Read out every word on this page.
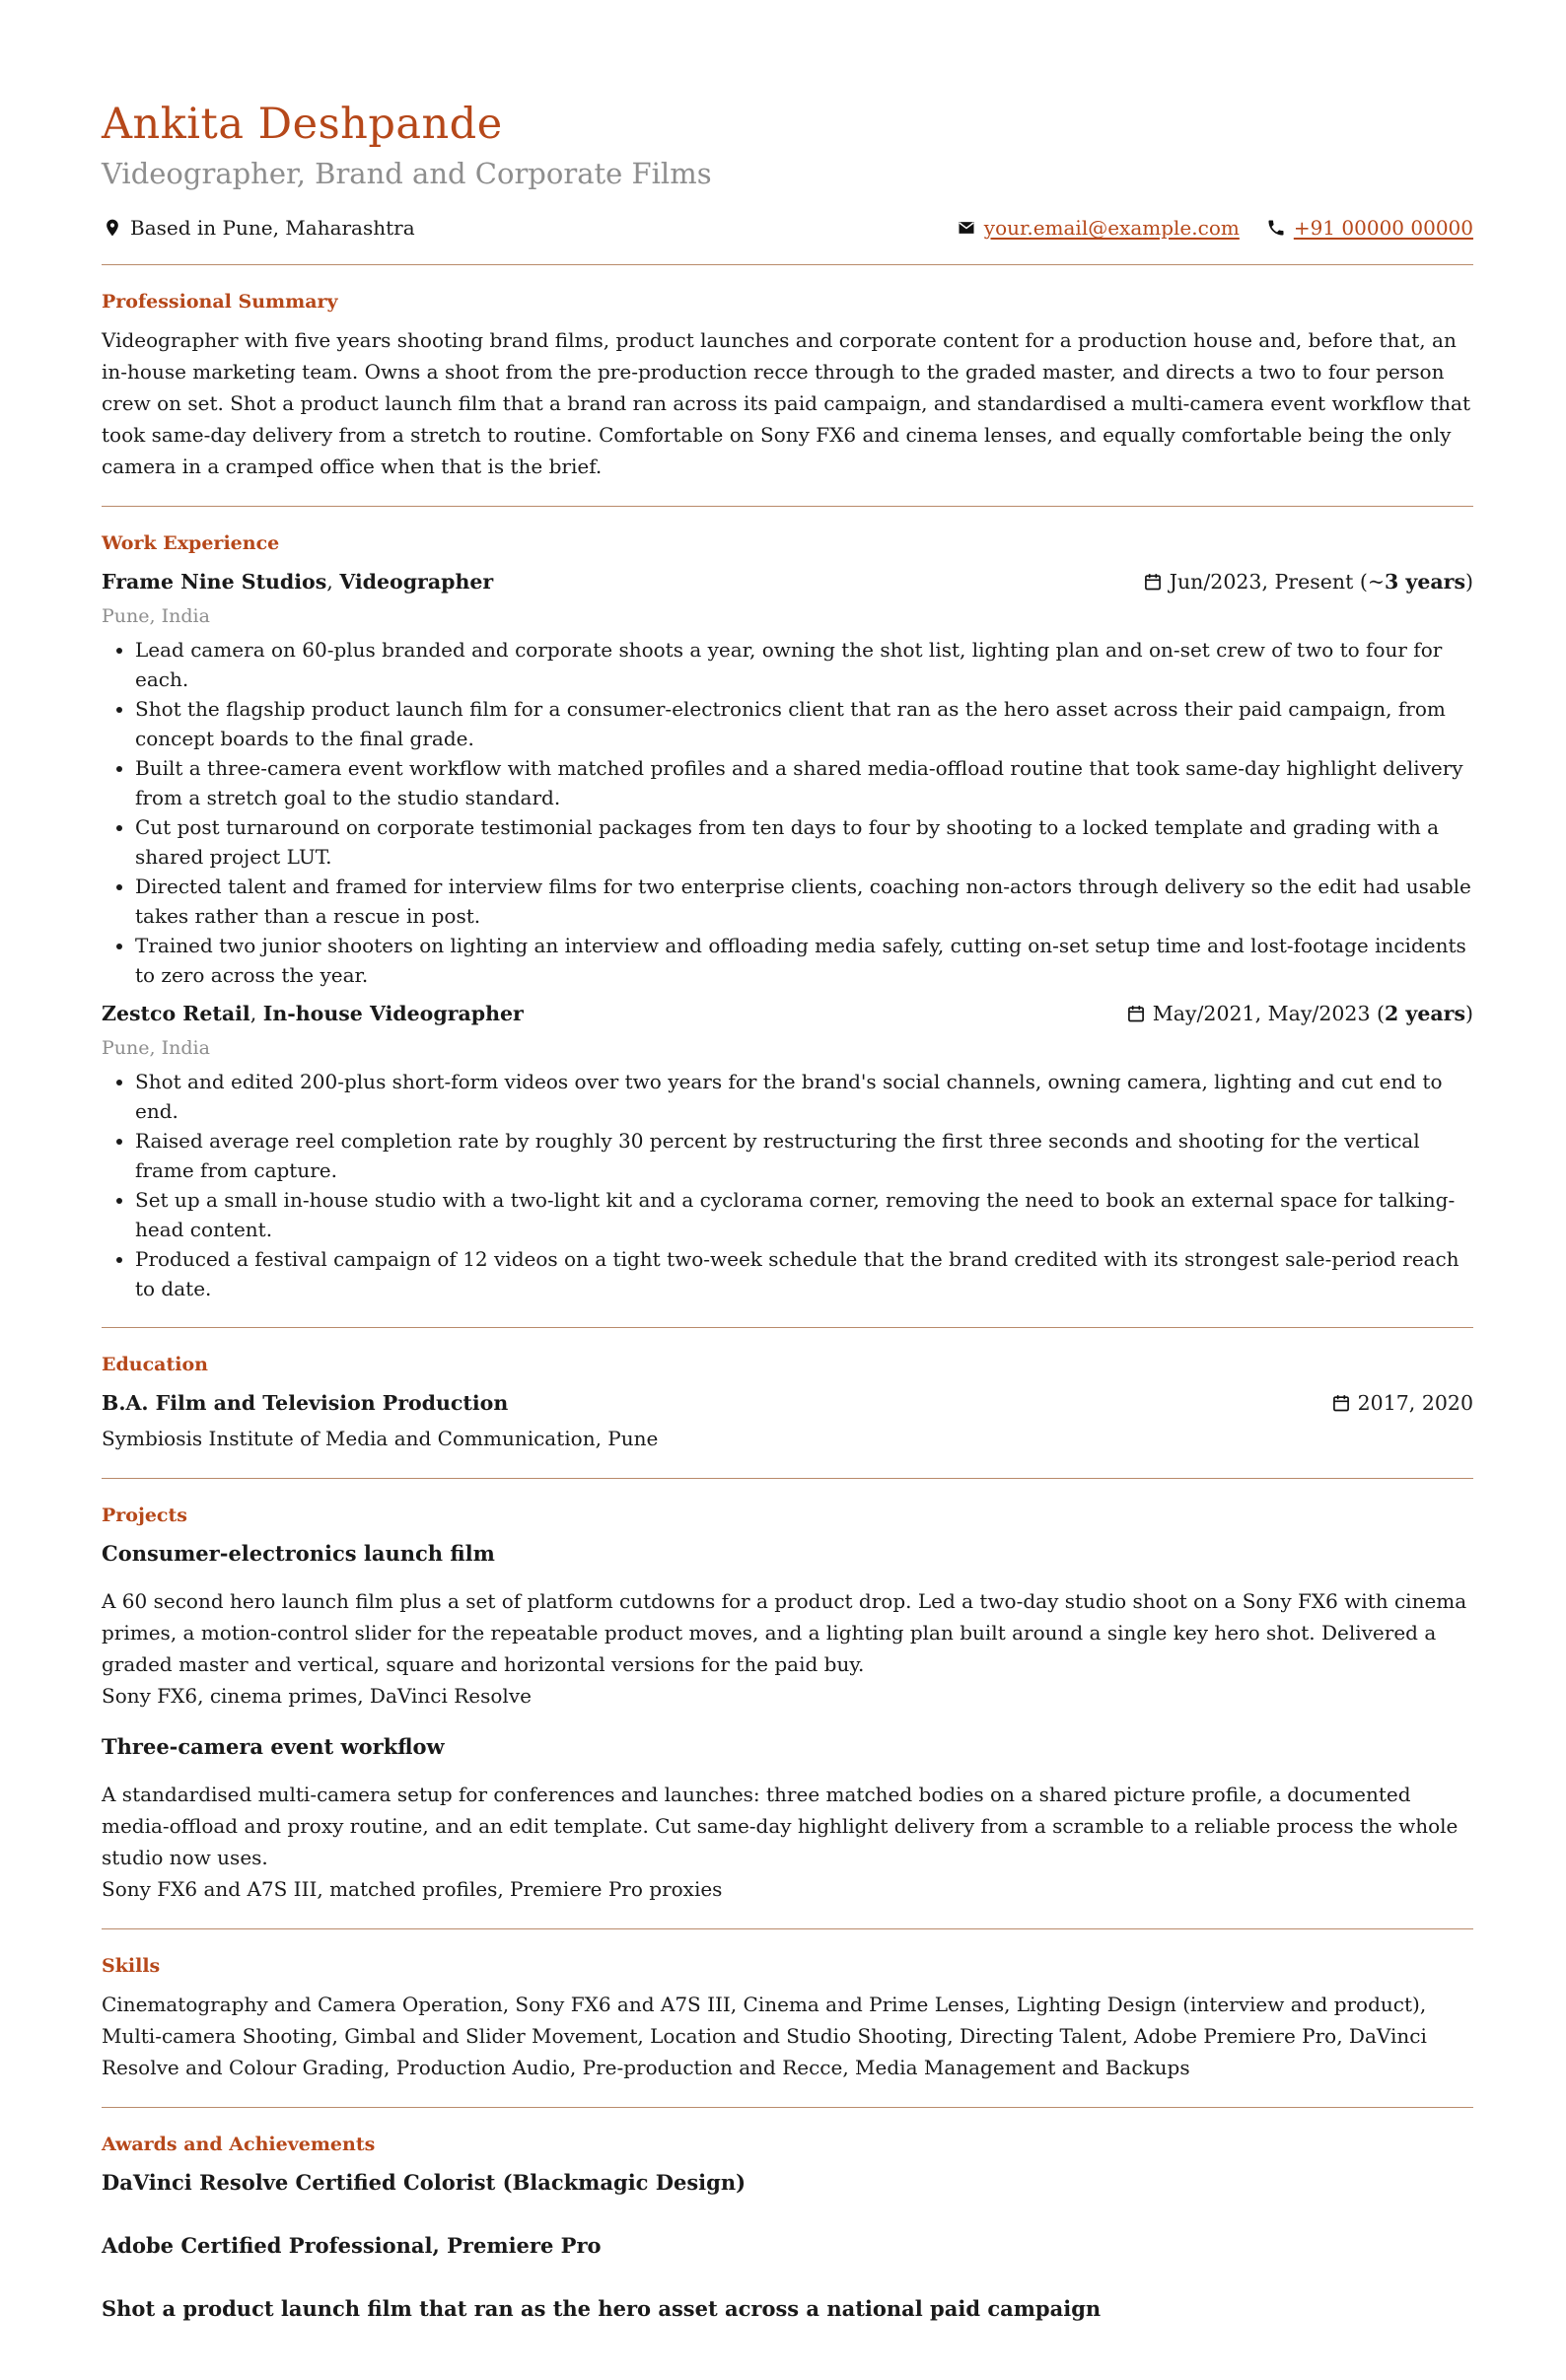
Ankita Deshpande
Videographer, Brand and Corporate Films
Based in Pune, Maharashtra	your.email@example.com	+91 00000 00000
Professional Summary
Videographer with five years shooting brand films, product launches and corporate content for a production house and, before that, an in-house marketing team. Owns a shoot from the pre-production recce through to the graded master, and directs a two to four person crew on set. Shot a product launch film that a brand ran across its paid campaign, and standardised a multi-camera event workflow that took same-day delivery from a stretch to routine. Comfortable on Sony FX6 and cinema lenses, and equally comfortable being the only camera in a cramped office when that is the brief.
Work Experience
Frame Nine Studios, Videographer	Jun/2023, Present (~ 3 years )
Pune, India
• Lead camera on 60-plus branded and corporate shoots a year, owning the shot list, lighting plan and on-set crew of two to four for each.
• Shot the flagship product launch film for a consumer-electronics client that ran as the hero asset across their paid campaign, from concept boards to the final grade.
• Built a three-camera event workflow with matched profiles and a shared media-offload routine that took same-day highlight delivery from a stretch goal to the studio standard.
• Cut post turnaround on corporate testimonial packages from ten days to four by shooting to a locked template and grading with a shared project LUT.
• Directed talent and framed for interview films for two enterprise clients, coaching non-actors through delivery so the edit had usable takes rather than a rescue in post.
• Trained two junior shooters on lighting an interview and offloading media safely, cutting on-set setup time and lost-footage incidents to zero across the year.
Zestco Retail, In-house Videographer	May/2021, May/2023 ( 2 years )
Pune, India
• Shot and edited 200-plus short-form videos over two years for the brand's social channels, owning camera, lighting and cut end to end.
• Raised average reel completion rate by roughly 30 percent by restructuring the first three seconds and shooting for the vertical frame from capture.
• Set up a small in-house studio with a two-light kit and a cyclorama corner, removing the need to book an external space for talking-head content.
• Produced a festival campaign of 12 videos on a tight two-week schedule that the brand credited with its strongest sale-period reach to date.
Education
B.A. Film and Television Production	2017, 2020
Symbiosis Institute of Media and Communication, Pune
Projects
Consumer-electronics launch film
A 60 second hero launch film plus a set of platform cutdowns for a product drop. Led a two-day studio shoot on a Sony FX6 with cinema primes, a motion-control slider for the repeatable product moves, and a lighting plan built around a single key hero shot. Delivered a graded master and vertical, square and horizontal versions for the paid buy.
Sony FX6, cinema primes, DaVinci Resolve
Three-camera event workflow
A standardised multi-camera setup for conferences and launches: three matched bodies on a shared picture profile, a documented media-offload and proxy routine, and an edit template. Cut same-day highlight delivery from a scramble to a reliable process the whole studio now uses.
Sony FX6 and A7S III, matched profiles, Premiere Pro proxies
Skills
Cinematography and Camera Operation, Sony FX6 and A7S III, Cinema and Prime Lenses, Lighting Design (interview and product), Multi-camera Shooting, Gimbal and Slider Movement, Location and Studio Shooting, Directing Talent, Adobe Premiere Pro, DaVinci Resolve and Colour Grading, Production Audio, Pre-production and Recce, Media Management and Backups
Awards and Achievements
DaVinci Resolve Certified Colorist (Blackmagic Design)
Adobe Certified Professional, Premiere Pro
Shot a product launch film that ran as the hero asset across a national paid campaign
